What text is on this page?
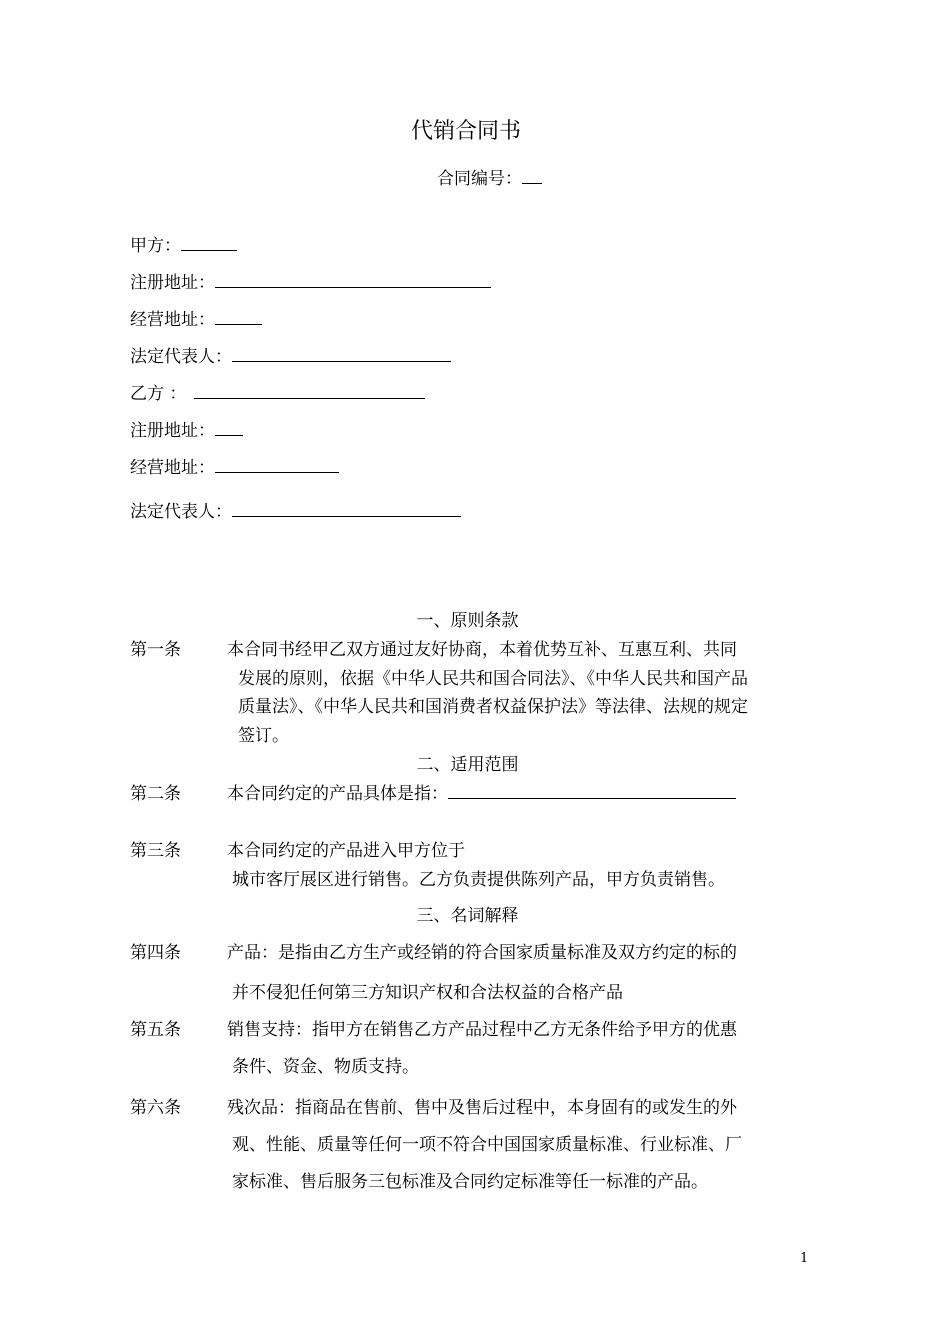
代销合同书
合同编号：
甲方：
注册地址：
经营地址：
法定代表人：
乙方 ：
注册地址：
经营地址：
法定代表人：
一、原则条款
第一条	本合同书经甲乙双方通过友好协商，本着优势互补、互惠互利、共同
发展的原则，依据《中华人民共和国合同法》、《中华人民共和国产品
质量法》、《中华人民共和国消费者权益保护法》等法律、法规的规定
签订。
二、适用范围
第二条	本合同约定的产品具体是指：
第三条	本合同约定的产品进入甲方位于
城市客厅展区进行销售。乙方负责提供陈列产品，甲方负责销售。
三、名词解释
第四条	产品：是指由乙方生产或经销的符合国家质量标准及双方约定的标的
并不侵犯任何第三方知识产权和合法权益的合格产品
第五条	销售支持：指甲方在销售乙方产品过程中乙方无条件给予甲方的优惠
条件、资金、物质支持。
第六条	残次品：指商品在售前、售中及售后过程中，本身固有的或发生的外
观、性能、质量等任何一项不符合中国国家质量标准、行业标准、厂
家标准、售后服务三包标准及合同约定标准等任一标准的产品。
1
